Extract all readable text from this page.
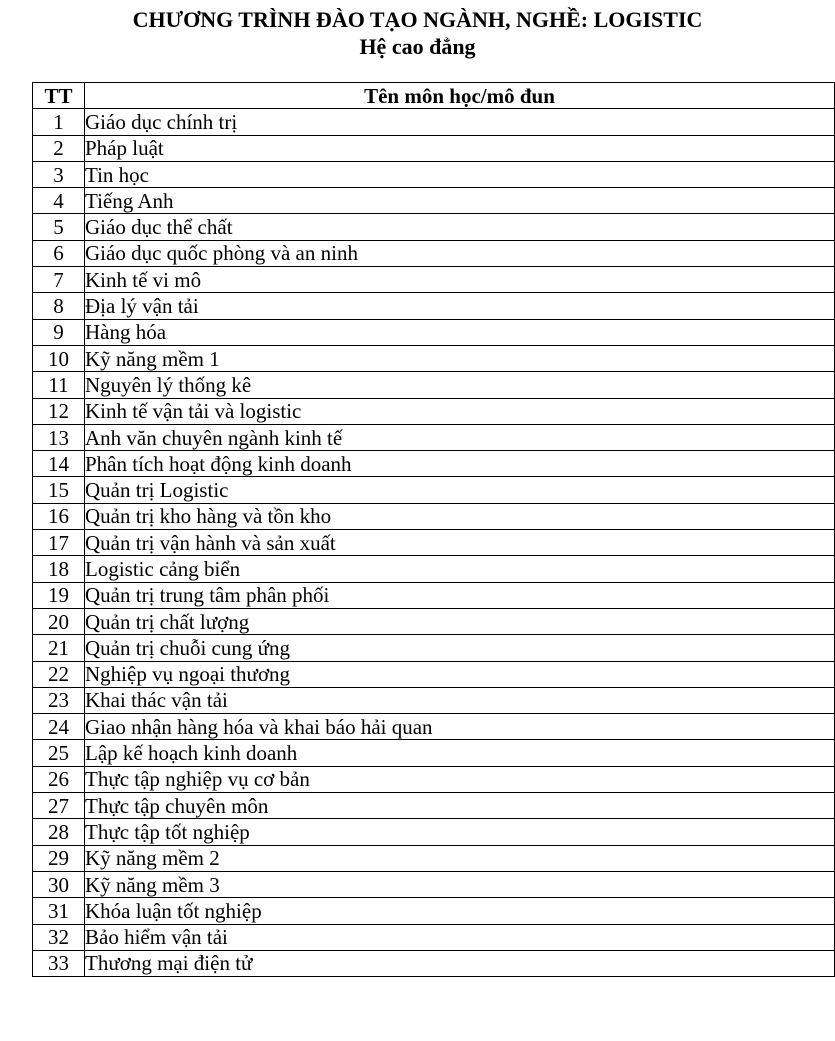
CHƯƠNG TRÌNH ĐÀO TẠO NGÀNH, NGHỀ: LOGISTIC
Hệ cao đẳng
TT	Tên môn học/mô đun
1	Giáo dục chính trị
2	Pháp luật
3	Tin học
4	Tiếng Anh
5	Giáo dục thể chất
6	Giáo dục quốc phòng và an ninh
7	Kinh tế vi mô
8	Địa lý vận tải
9	Hàng hóa
10	Kỹ năng mềm 1
11	Nguyên lý thống kê
12	Kinh tế vận tải và logistic
13	Anh văn chuyên ngành kinh tế
14	Phân tích hoạt động kinh doanh
15	Quản trị Logistic
16	Quản trị kho hàng và tồn kho
17	Quản trị vận hành và sản xuất
18	Logistic cảng biển
19	Quản trị trung tâm phân phối
20	Quản trị chất lượng
21	Quản trị chuỗi cung ứng
22	Nghiệp vụ ngoại thương
23	Khai thác vận tải
24	Giao nhận hàng hóa và khai báo hải quan
25	Lập kế hoạch kinh doanh
26	Thực tập nghiệp vụ cơ bản
27	Thực tập chuyên môn
28	Thực tập tốt nghiệp
29	Kỹ năng mềm 2
30	Kỹ năng mềm 3
31	Khóa luận tốt nghiệp
32	Bảo hiểm vận tải
33	Thương mại điện tử
